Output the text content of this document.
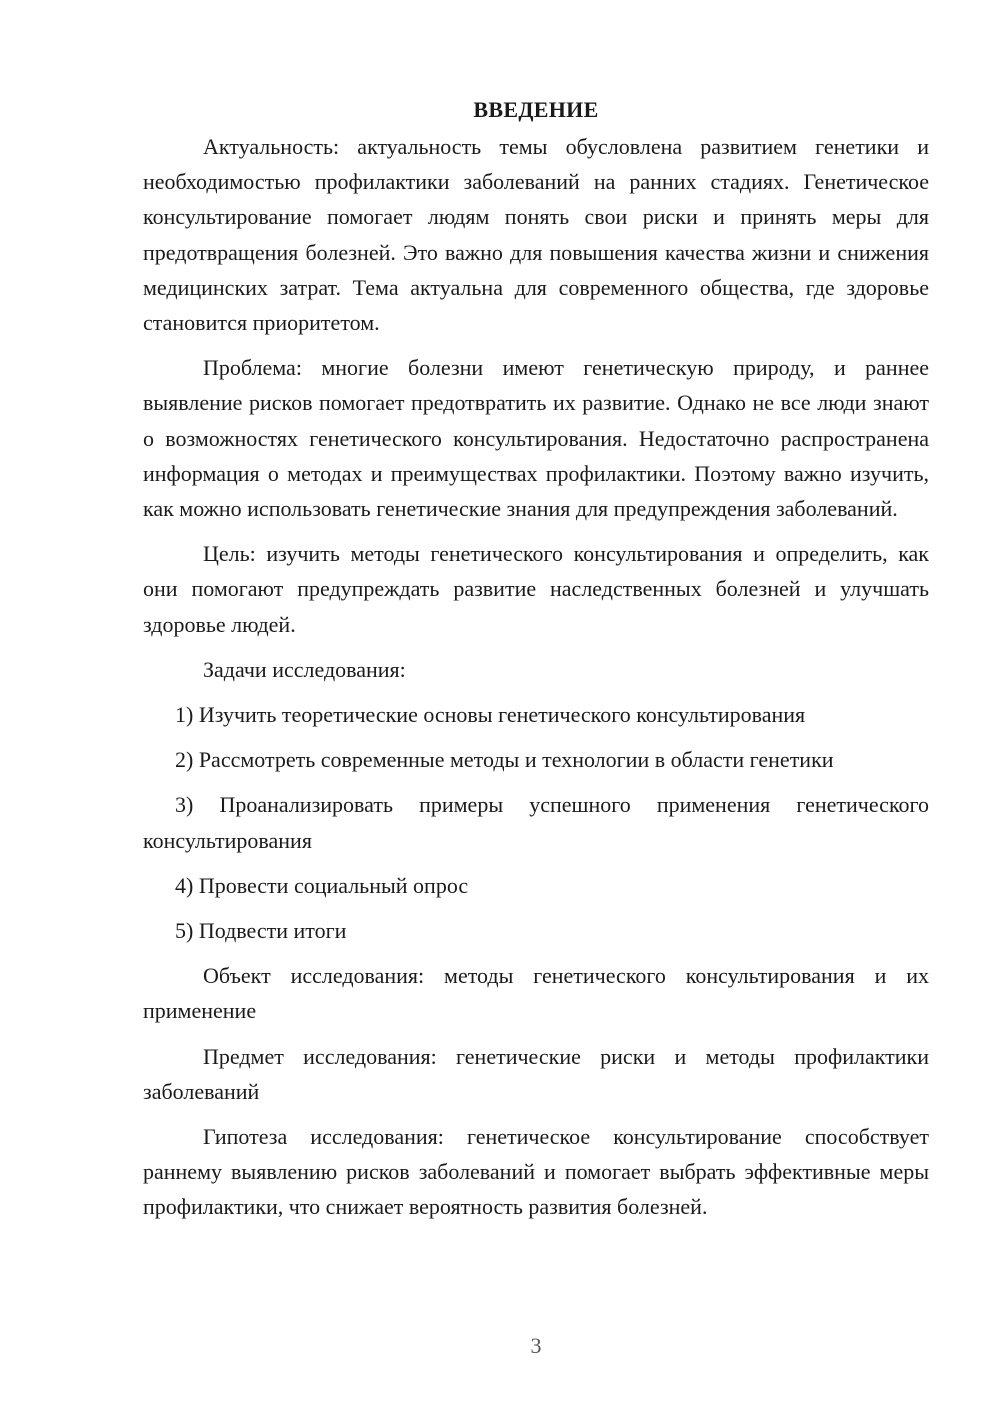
ВВЕДЕНИЕ

Актуальность: актуальность темы обусловлена развитием генетики и необходимостью профилактики заболеваний на ранних стадиях. Генетическое консультирование помогает людям понять свои риски и принять меры для предотвращения болезней. Это важно для повышения качества жизни и снижения медицинских затрат. Тема актуальна для современного общества, где здоровье становится приоритетом.

Проблема: многие болезни имеют генетическую природу, и раннее выявление рисков помогает предотвратить их развитие. Однако не все люди знают о возможностях генетического консультирования. Недостаточно распространена информация о методах и преимуществах профилактики. Поэтому важно изучить, как можно использовать генетические знания для предупреждения заболеваний.

Цель: изучить методы генетического консультирования и определить, как они помогают предупреждать развитие наследственных болезней и улучшать здоровье людей.

Задачи исследования:

1) Изучить теоретические основы генетического консультирования

2) Рассмотреть современные методы и технологии в области генетики

3) Проанализировать примеры успешного применения генетического консультирования

4) Провести социальный опрос

5) Подвести итоги

Объект исследования: методы генетического консультирования и их применение

Предмет исследования: генетические риски и методы профилактики заболеваний

Гипотеза исследования: генетическое консультирование способствует раннему выявлению рисков заболеваний и помогает выбрать эффективные меры профилактики, что снижает вероятность развития болезней.

3
